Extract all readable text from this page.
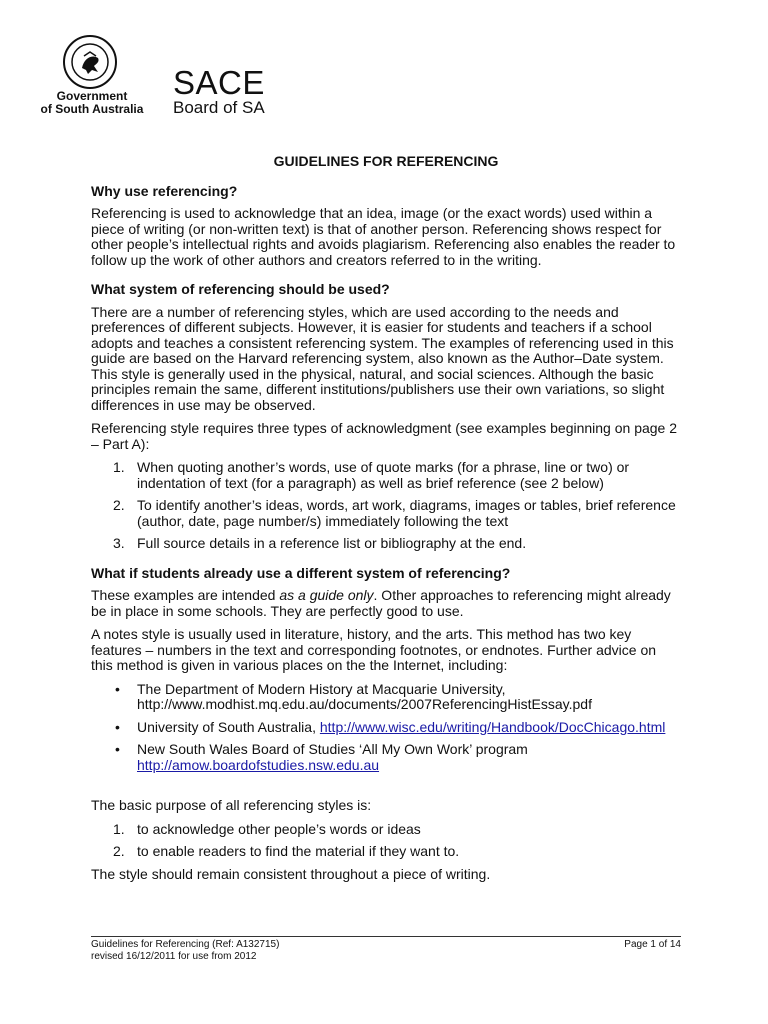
Government
of South Australia
SACE
Board of SA
GUIDELINES FOR REFERENCING
Why use referencing?

Referencing is used to acknowledge that an idea, image (or the exact words) used within a piece of writing (or non-written text) is that of another person. Referencing shows respect for other people’s intellectual rights and avoids plagiarism. Referencing also enables the reader to follow up the work of other authors and creators referred to in the writing.

What system of referencing should be used?

There are a number of referencing styles, which are used according to the needs and preferences of different subjects. However, it is easier for students and teachers if a school adopts and teaches a consistent referencing system. The examples of referencing used in this guide are based on the Harvard referencing system, also known as the Author–Date system. This style is generally used in the physical, natural, and social sciences. Although the basic principles remain the same, different institutions/publishers use their own variations, so slight differences in use may be observed.

Referencing style requires three types of acknowledgment (see examples beginning on page 2 – Part A):

1. When quoting another’s words, use of quote marks (for a phrase, line or two) or indentation of text (for a paragraph) as well as brief reference (see 2 below)
2. To identify another’s ideas, words, art work, diagrams, images or tables, brief reference (author, date, page number/s) immediately following the text
3. Full source details in a reference list or bibliography at the end.
What if students already use a different system of referencing?

These examples are intended as a guide only. Other approaches to referencing might already be in place in some schools. They are perfectly good to use.

A notes style is usually used in literature, history, and the arts. This method has two key features – numbers in the text and corresponding footnotes, or endnotes. Further advice on this method is given in various places on the the Internet, including:

• The Department of Modern History at Macquarie University,
http://www.modhist.mq.edu.au/documents/2007ReferencingHistEssay.pdf
• University of South Australia, http://www.wisc.edu/writing/Handbook/DocChicago.html
• New South Wales Board of Studies ‘All My Own Work’ program
http://amow.boardofstudies.nsw.edu.au

The basic purpose of all referencing styles is:

1. to acknowledge other people’s words or ideas
2. to enable readers to find the material if they want to.

The style should remain consistent throughout a piece of writing.

Guidelines for Referencing (Ref: A132715)
revised 16/12/2011 for use from 2012
Page 1 of 14
